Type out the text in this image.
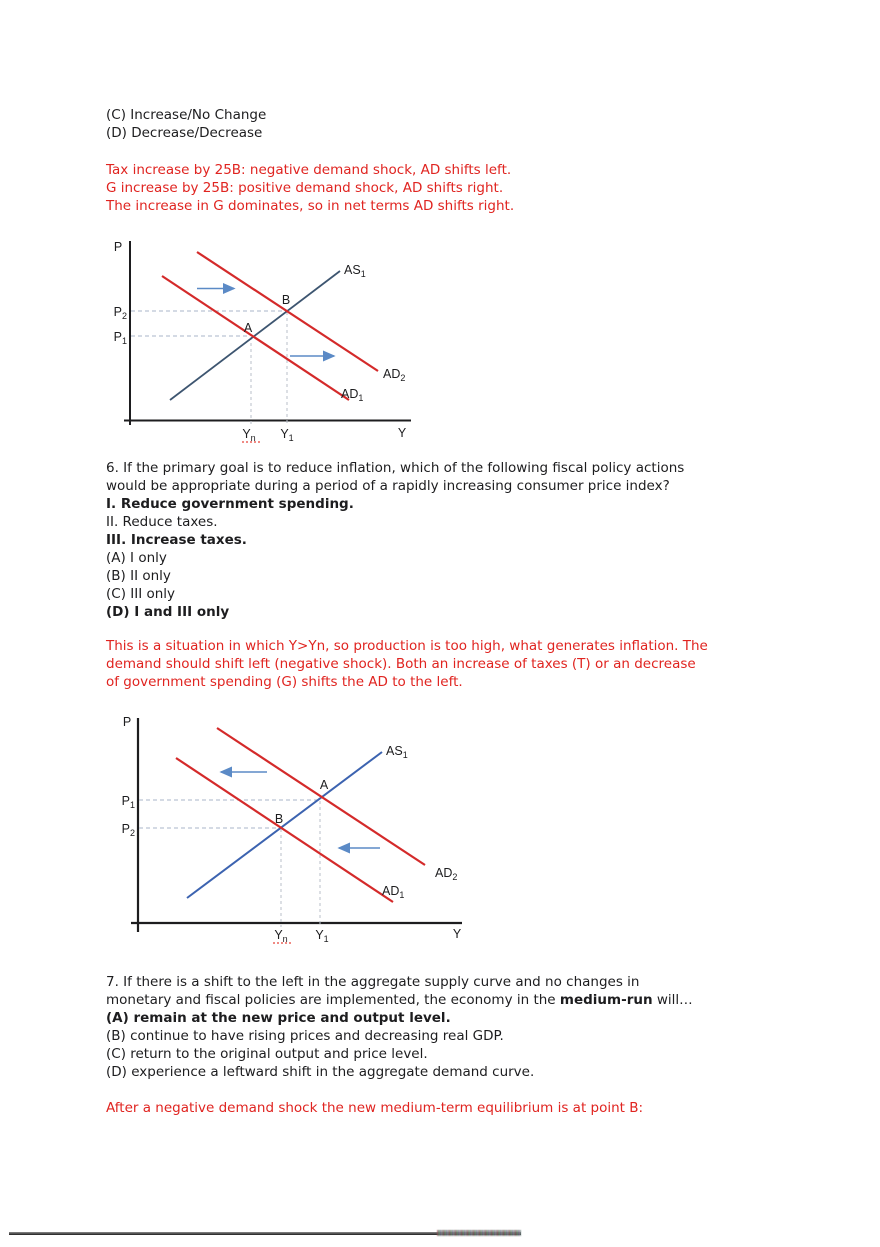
(C) Increase/No Change
(D) Decrease/Decrease
Tax increase by 25B: negative demand shock, AD shifts left.
G increase by 25B: positive demand shock, AD shifts right.
The increase in G dominates, so in net terms AD shifts right.
P
Y
$AS_1$
$AD_1$
$AD_2$
A
B
$P_2$
$P_1$
$Y_n$ $Y_1$
6. If the primary goal is to reduce inflation, which of the following fiscal policy actions
would be appropriate during a period of a rapidly increasing consumer price index?
I. Reduce government spending.
II. Reduce taxes.
III. Increase taxes.
(A) I only
(B) II only
(C) III only
(D) I and III only
This is a situation in which Y>Yn, so production is too high, what generates inflation. The
demand should shift left (negative shock). Both an increase of taxes (T) or an decrease
of government spending (G) shifts the AD to the left.
P
Y
$AS_1$
$AD_2$
$AD_1$
A
B
$P_1$
$P_2$
$Y_n$ $Y_1$
7. If there is a shift to the left in the aggregate supply curve and no changes in
monetary and fiscal policies are implemented, the economy in the medium-run will…
(A) remain at the new price and output level.
(B) continue to have rising prices and decreasing real GDP.
(C) return to the original output and price level.
(D) experience a leftward shift in the aggregate demand curve.
After a negative demand shock the new medium-term equilibrium is at point B:
